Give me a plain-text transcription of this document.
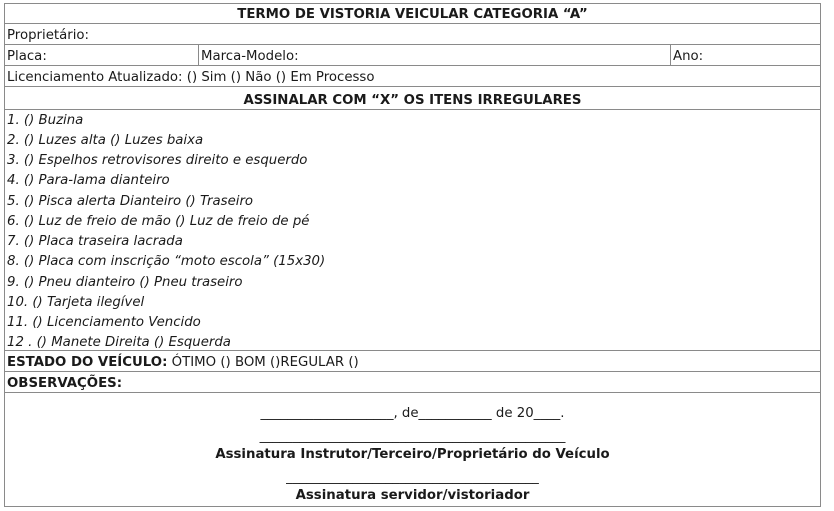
TERMO DE VISTORIA VEICULAR CATEGORIA “A”
Proprietário:
Placa:	Marca-Modelo:	Ano:
Licenciamento Atualizado: () Sim () Não () Em Processo
ASSINALAR COM “X” OS ITENS IRREGULARES
1. () Buzina
2. () Luzes alta () Luzes baixa
3. () Espelhos retrovisores direito e esquerdo
4. () Para-lama dianteiro
5. () Pisca alerta Dianteiro () Traseiro
6. () Luz de freio de mão () Luz de freio de pé
7. () Placa traseira lacrada
8. () Placa com inscrição “moto escola” (15x30)
9. () Pneu dianteiro () Pneu traseiro
10. () Tarjeta ilegível
11. () Licenciamento Vencido
12 . () Manete Direita () Esquerda
ESTADO DO VEÍCULO: ÓTIMO () BOM ()REGULAR ()
OBSERVAÇÕES:
____________________, de___________ de 20____.
______________________________________________
Assinatura Instrutor/Terceiro/Proprietário do Veículo
______________________________________
Assinatura servidor/vistoriador
